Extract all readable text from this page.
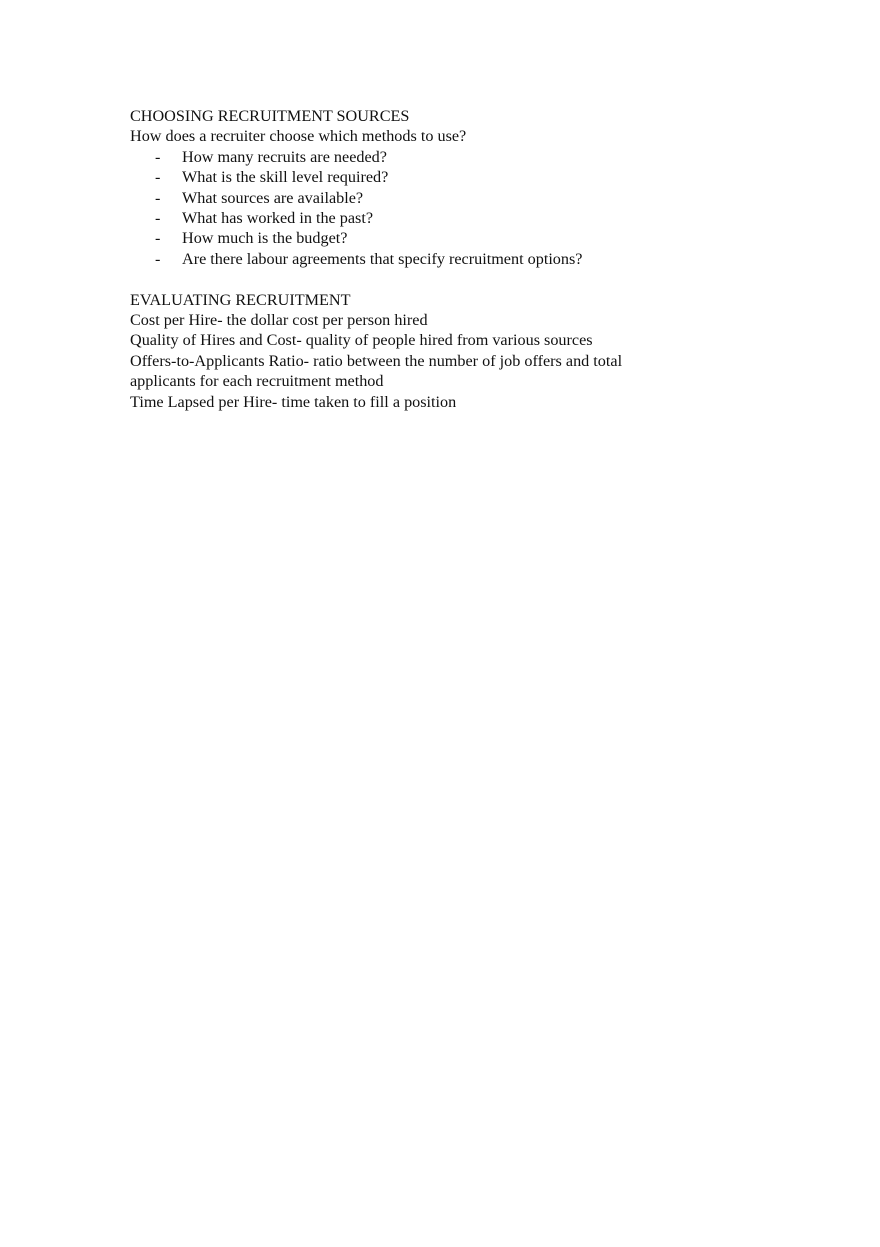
CHOOSING RECRUITMENT SOURCES

How does a recruiter choose which methods to use?

-	How many recruits are needed?
-	What is the skill level required?
-	What sources are available?
-	What has worked in the past?
-	How much is the budget?
-	Are there labour agreements that specify recruitment options?

EVALUATING RECRUITMENT

Cost per Hire- the dollar cost per person hired

Quality of Hires and Cost- quality of people hired from various sources

Offers-to-Applicants Ratio- ratio between the number of job offers and total applicants for each recruitment method

Time Lapsed per Hire- time taken to fill a position
